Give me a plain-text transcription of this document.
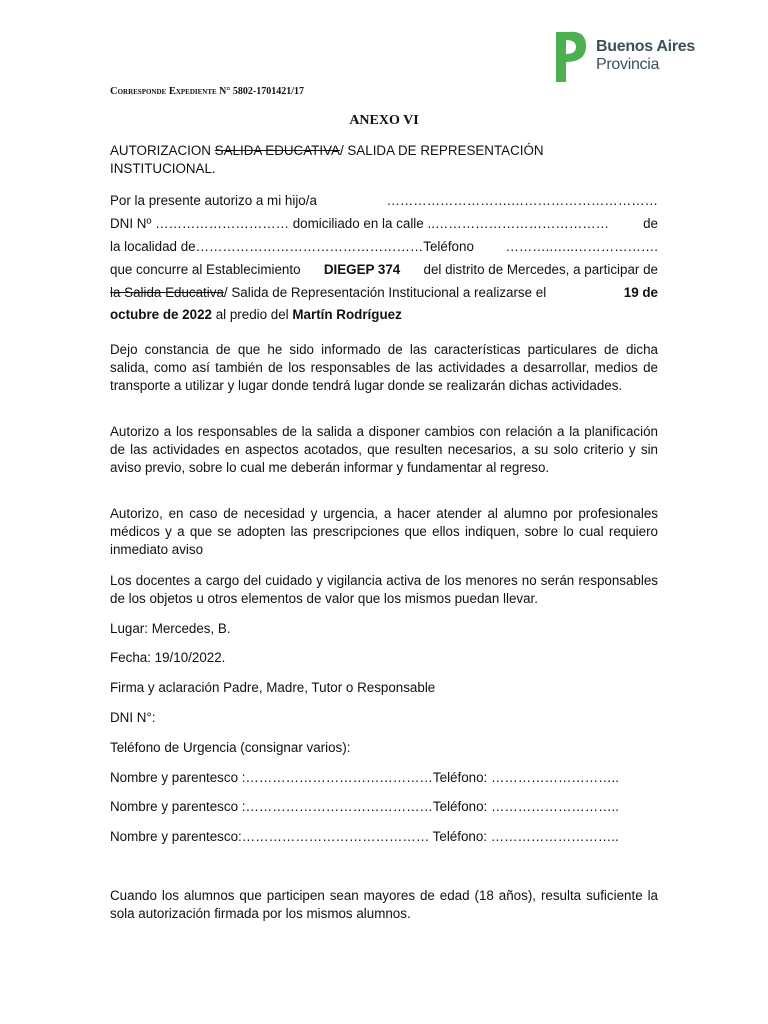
Buenos Aires
Provincia
Corresponde Expediente N° 5802-1701421/17
ANEXO VI
AUTORIZACION SALIDA EDUCATIVA/ SALIDA DE REPRESENTACIÓN
INSTITUCIONAL.
Por la presente autorizo a mi hijo/a
	……………………….……………………………
DNI Nº
…………………………
domiciliado en la calle
..…………………………………	de
la localidad de …………………………………………… Teléfono
	………..…..……………….
que concurre al Establecimiento DIEGEP 374 del distrito de Mercedes, a participar de
la Salida Educativa/ Salida de Representación Institucional a realizarse el	19 de
octubre de 2022
al predio del
Martín Rodríguez
Dejo constancia de que he sido informado de las características particulares de dicha salida, como así también de los responsables de las actividades a desarrollar, medios de transporte a utilizar y lugar donde tendrá lugar donde se realizarán dichas actividades.
Autorizo a los responsables de la salida a disponer cambios con relación a la planificación de las actividades en aspectos acotados, que resulten necesarios, a su solo criterio y sin aviso previo, sobre lo cual me deberán informar y fundamentar al regreso.
Autorizo, en caso de necesidad y urgencia, a hacer atender al alumno por profesionales médicos y a que se adopten las prescripciones que ellos indiquen, sobre lo cual requiero inmediato aviso
Los docentes a cargo del cuidado y vigilancia activa de los menores no serán responsables de los objetos u otros elementos de valor que los mismos puedan llevar.
Lugar: Mercedes, B.
Fecha: 19/10/2022.
Firma y aclaración Padre, Madre, Tutor o Responsable
DNI N°:
Teléfono de Urgencia (consignar varios):
Nombre y parentesco :……………………………………Teléfono: ………………………..
Nombre y parentesco :……………………………………Teléfono: ………………………..
Nombre y parentesco:…………………………………… Teléfono: ………………………..
Cuando los alumnos que participen sean mayores de edad (18 años), resulta suficiente la sola autorización firmada por los mismos alumnos.
